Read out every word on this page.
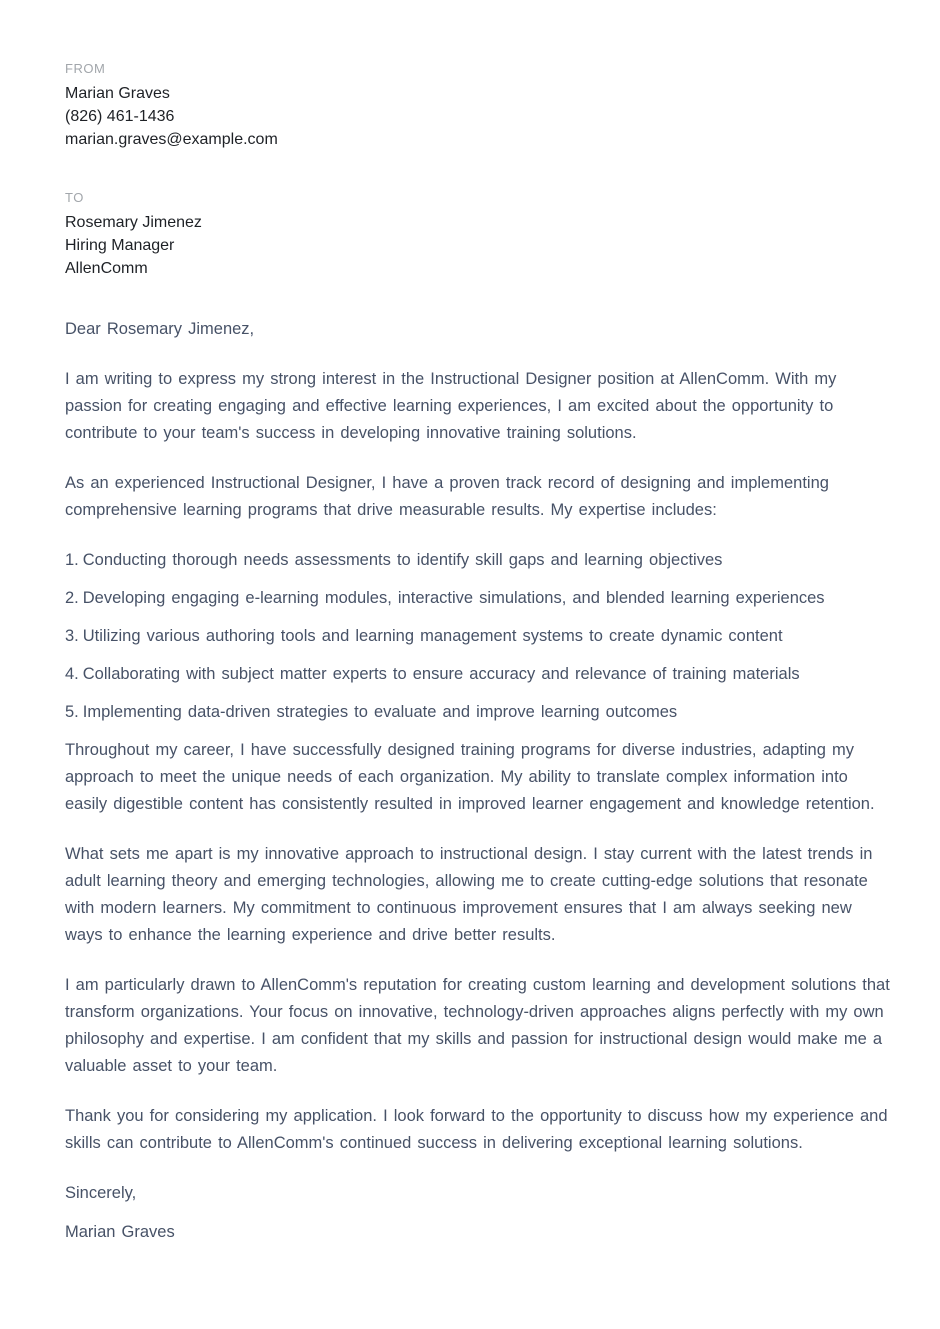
FROM
Marian Graves
(826) 461-1436
marian.graves@example.com
TO
Rosemary Jimenez
Hiring Manager
AllenComm

Dear Rosemary Jimenez,

I am writing to express my strong interest in the Instructional Designer position at AllenComm. With my passion for creating engaging and effective learning experiences, I am excited about the opportunity to contribute to your team's success in developing innovative training solutions.

As an experienced Instructional Designer, I have a proven track record of designing and implementing comprehensive learning programs that drive measurable results. My expertise includes:

1. Conducting thorough needs assessments to identify skill gaps and learning objectives
2. Developing engaging e-learning modules, interactive simulations, and blended learning experiences
3. Utilizing various authoring tools and learning management systems to create dynamic content
4. Collaborating with subject matter experts to ensure accuracy and relevance of training materials
5. Implementing data-driven strategies to evaluate and improve learning outcomes

Throughout my career, I have successfully designed training programs for diverse industries, adapting my approach to meet the unique needs of each organization. My ability to translate complex information into easily digestible content has consistently resulted in improved learner engagement and knowledge retention.

What sets me apart is my innovative approach to instructional design. I stay current with the latest trends in adult learning theory and emerging technologies, allowing me to create cutting-edge solutions that resonate with modern learners. My commitment to continuous improvement ensures that I am always seeking new ways to enhance the learning experience and drive better results.

I am particularly drawn to AllenComm's reputation for creating custom learning and development solutions that transform organizations. Your focus on innovative, technology-driven approaches aligns perfectly with my own philosophy and expertise. I am confident that my skills and passion for instructional design would make me a valuable asset to your team.

Thank you for considering my application. I look forward to the opportunity to discuss how my experience and skills can contribute to AllenComm's continued success in delivering exceptional learning solutions.

Sincerely,

Marian Graves
